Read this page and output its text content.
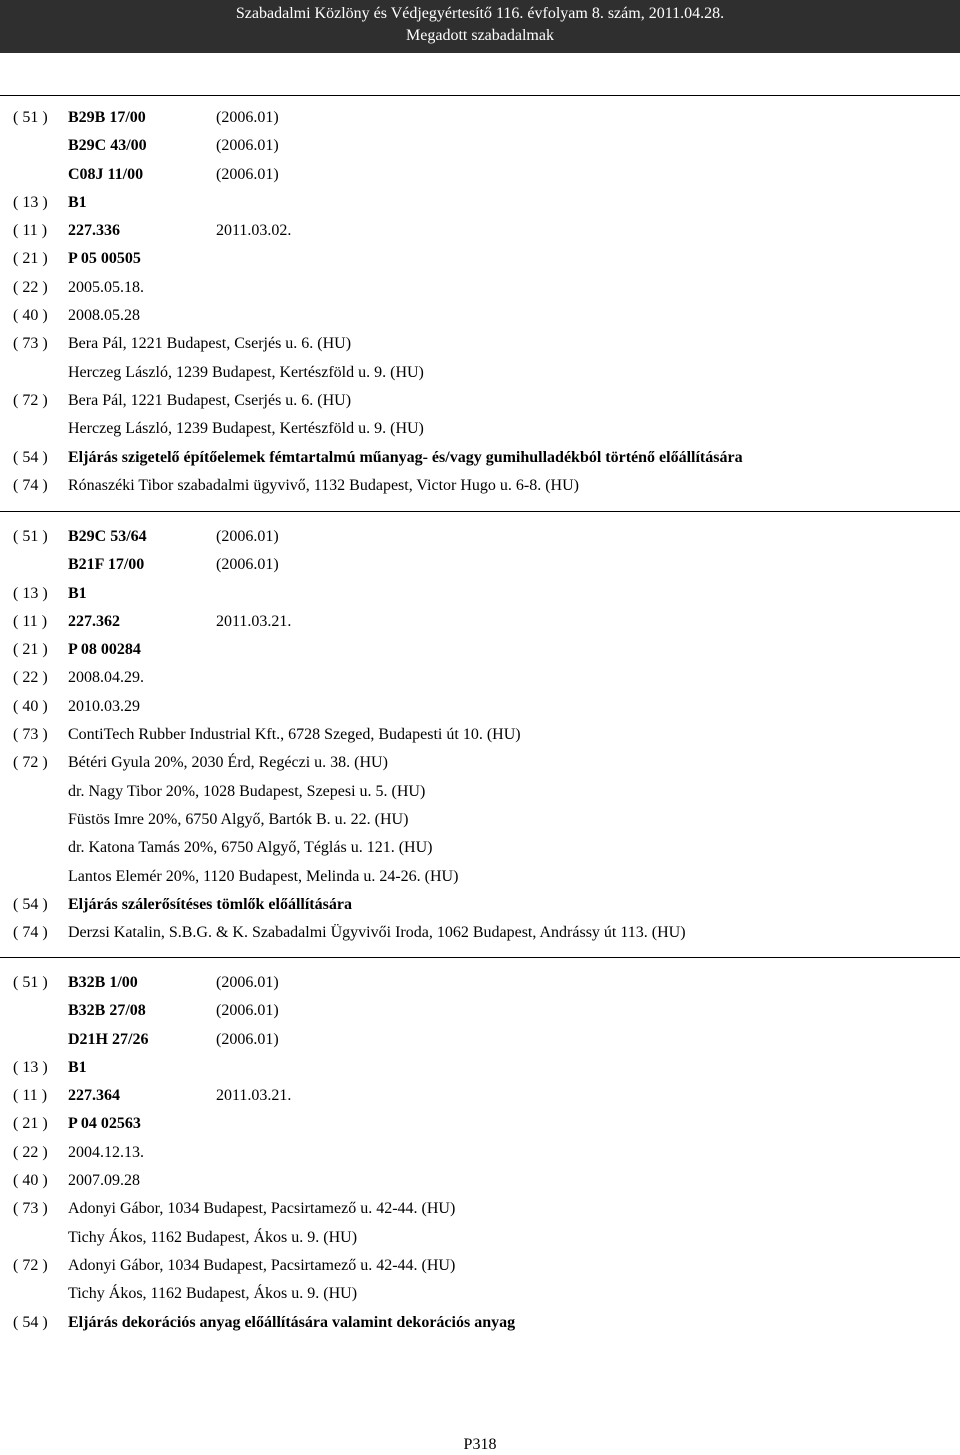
Szabadalmi Közlöny és Védjegyértesítő 116. évfolyam 8. szám, 2011.04.28.
Megadott szabadalmak
( 51 ) B29B 17/00	(2006.01)
B29C 43/00	(2006.01)
C08J 11/00	(2006.01)
( 13 ) B1
( 11 ) 227.336	2011.03.02.
( 21 ) P 05 00505
( 22 ) 2005.05.18.
( 40 ) 2008.05.28
( 73 ) Bera Pál, 1221 Budapest, Cserjés u. 6. (HU)
Herczeg László, 1239 Budapest, Kertészföld u. 9. (HU)
( 72 ) Bera Pál, 1221 Budapest, Cserjés u. 6. (HU)
Herczeg László, 1239 Budapest, Kertészföld u. 9. (HU)
( 54 ) Eljárás szigetelő építőelemek fémtartalmú műanyag- és/vagy gumihulladékból történő előállítására
( 74 ) Rónaszéki Tibor szabadalmi ügyvivő, 1132 Budapest, Victor Hugo u. 6-8. (HU)
( 51 ) B29C 53/64	(2006.01)
B21F 17/00	(2006.01)
( 13 ) B1
( 11 ) 227.362	2011.03.21.
( 21 ) P 08 00284
( 22 ) 2008.04.29.
( 40 ) 2010.03.29
( 73 ) ContiTech Rubber Industrial Kft., 6728 Szeged, Budapesti út 10. (HU)
( 72 ) Bétéri Gyula 20%, 2030 Érd, Regéczi u. 38. (HU)
dr. Nagy Tibor 20%, 1028 Budapest, Szepesi u. 5. (HU)
Füstös Imre 20%, 6750 Algyő, Bartók B. u. 22. (HU)
dr. Katona Tamás 20%, 6750 Algyő, Téglás u. 121. (HU)
Lantos Elemér 20%, 1120 Budapest, Melinda u. 24-26. (HU)
( 54 ) Eljárás szálerősítéses tömlők előállítására
( 74 ) Derzsi Katalin, S.B.G. & K. Szabadalmi Ügyvivői Iroda, 1062 Budapest, Andrássy út 113. (HU)
( 51 ) B32B 1/00	(2006.01)
B32B 27/08	(2006.01)
D21H 27/26	(2006.01)
( 13 ) B1
( 11 ) 227.364	2011.03.21.
( 21 ) P 04 02563
( 22 ) 2004.12.13.
( 40 ) 2007.09.28
( 73 ) Adonyi Gábor, 1034 Budapest, Pacsirtamező u. 42-44. (HU)
Tichy Ákos, 1162 Budapest, Ákos u. 9. (HU)
( 72 ) Adonyi Gábor, 1034 Budapest, Pacsirtamező u. 42-44. (HU)
Tichy Ákos, 1162 Budapest, Ákos u. 9. (HU)
( 54 ) Eljárás dekorációs anyag előállítására valamint dekorációs anyag
P318
